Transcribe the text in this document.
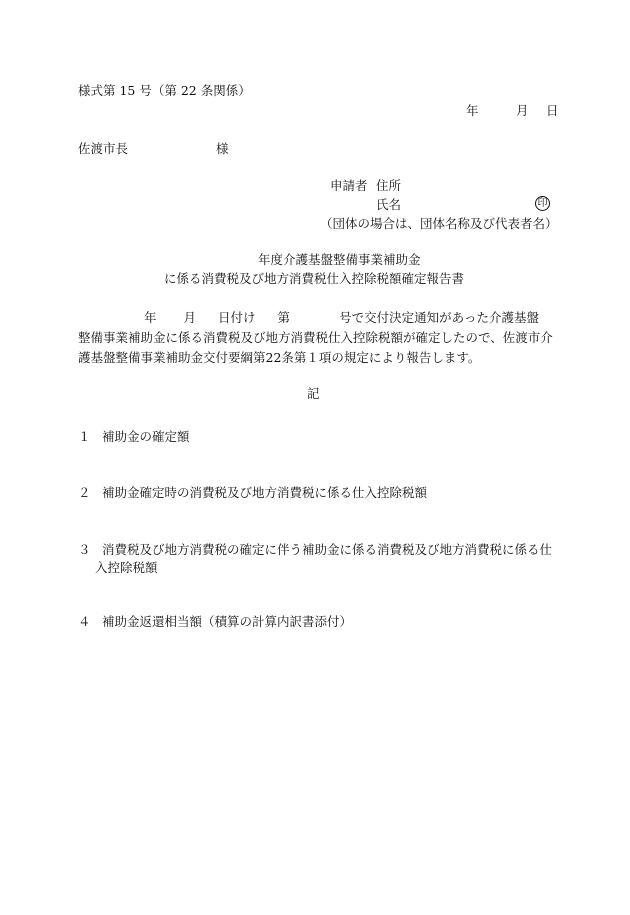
様式第 15 号（第 22 条関係）
年	月 日
佐渡市長	様
申請者 住所
氏名	印
（団体の場合は、団体名称及び代表者名）
年度介護基盤整備事業補助金
に係る消費税及び地方消費税仕入控除税額確定報告書
年 月 日付け 第	号で交付決定通知があった介護基盤
整備事業補助金に係る消費税及び地方消費税仕入控除税額が確定したので、佐渡市介
護基盤整備事業補助金交付要綱第22条第１項の規定により報告します。
記
１ 補助金の確定額
２ 補助金確定時の消費税及び地方消費税に係る仕入控除税額
３ 消費税及び地方消費税の確定に伴う補助金に係る消費税及び地方消費税に係る仕
入控除税額
４ 補助金返還相当額（積算の計算内訳書添付）
